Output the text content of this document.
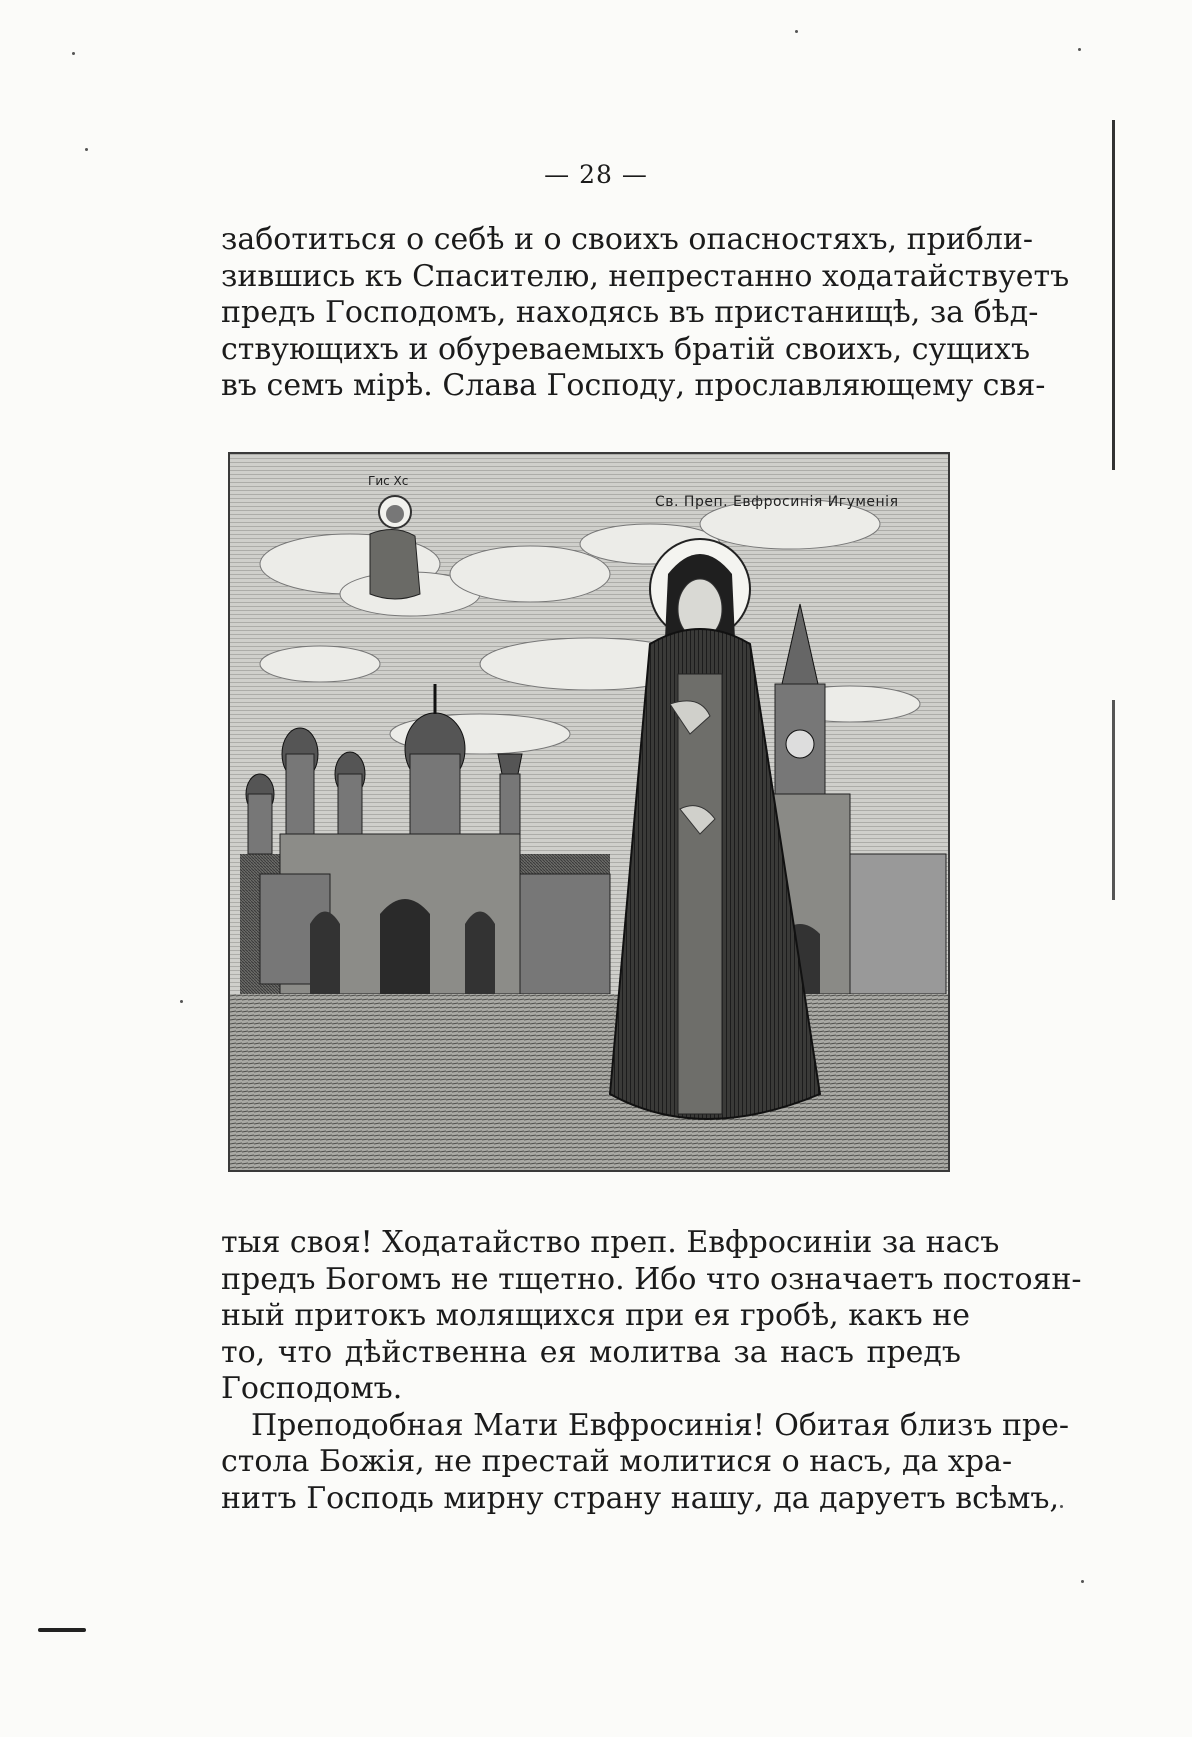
— 28 —
заботиться о себѣ и о своихъ опасностяхъ, прибли-
зившись къ Спасителю, непрестанно ходатайствуетъ
предъ Господомъ, находясь въ пристанищѣ, за бѣд-
ствующихъ и обуреваемыхъ братiй своихъ, сущихъ
въ семъ мiрѣ. Слава Господу, прославляющему свя-
Гис Хс
Св. Преп. Евфросинiя Игуменiя
тыя своя! Ходатайство преп. Евфросинiи за насъ
предъ Богомъ не тщетно. Ибо что означаетъ постоян-
ный притокъ молящихся при ея гробѣ, какъ не
то, что дѣйственна ея молитва за насъ предъ
Господомъ.
Преподобная Мати Евфросинiя! Обитая близъ пре-
стола Божiя, не престай молитися о насъ, да хра-
нитъ Господь мирну страну нашу, да даруетъ всѣмъ,
